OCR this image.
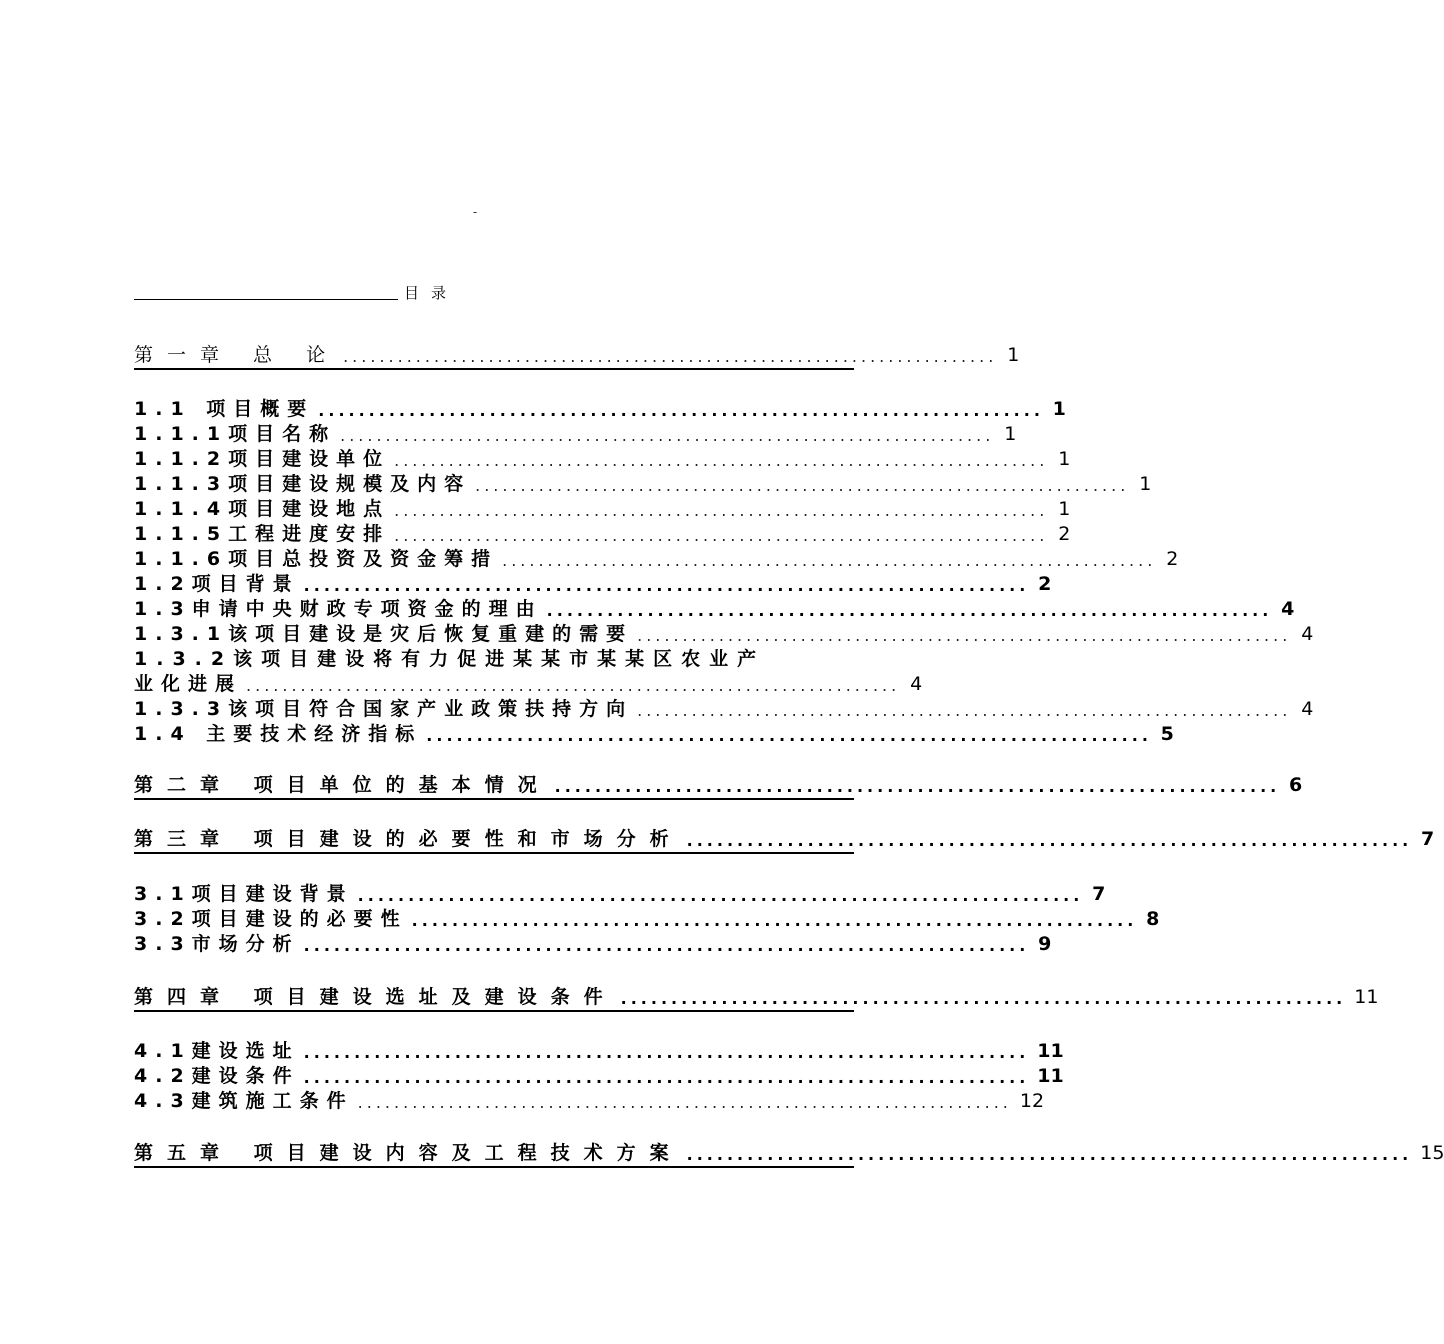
-
目录
第一章 总 论 ........................................................................ 1
1.1 项目概要 ........................................................................ 1
1.1.1项目名称 ........................................................................ 1
1.1.2项目建设单位 ........................................................................ 1
1.1.3项目建设规模及内容 ........................................................................ 1
1.1.4项目建设地点 ........................................................................ 1
1.1.5工程进度安排 ........................................................................ 2
1.1.6项目总投资及资金筹措 ........................................................................ 2
1.2项目背景 ........................................................................ 2
1.3申请中央财政专项资金的理由 ........................................................................ 4
1.3.1该项目建设是灾后恢复重建的需要 ........................................................................ 4
1.3.2该项目建设将有力促进某某市某某区农业产
业化进展 ........................................................................ 4
1.3.3该项目符合国家产业政策扶持方向 ........................................................................ 4
1.4 主要技术经济指标 ........................................................................ 5
第二章 项目单位的基本情况 ........................................................................ 6
第三章 项目建设的必要性和市场分析 ........................................................................ 7
3.1项目建设背景 ........................................................................ 7
3.2项目建设的必要性 ........................................................................ 8
3.3市场分析 ........................................................................ 9
第四章 项目建设选址及建设条件 ........................................................................ 11
4.1建设选址 ........................................................................ 11
4.2建设条件 ........................................................................ 11
4.3建筑施工条件 ........................................................................ 12
第五章 项目建设内容及工程技术方案 ........................................................................ 15
